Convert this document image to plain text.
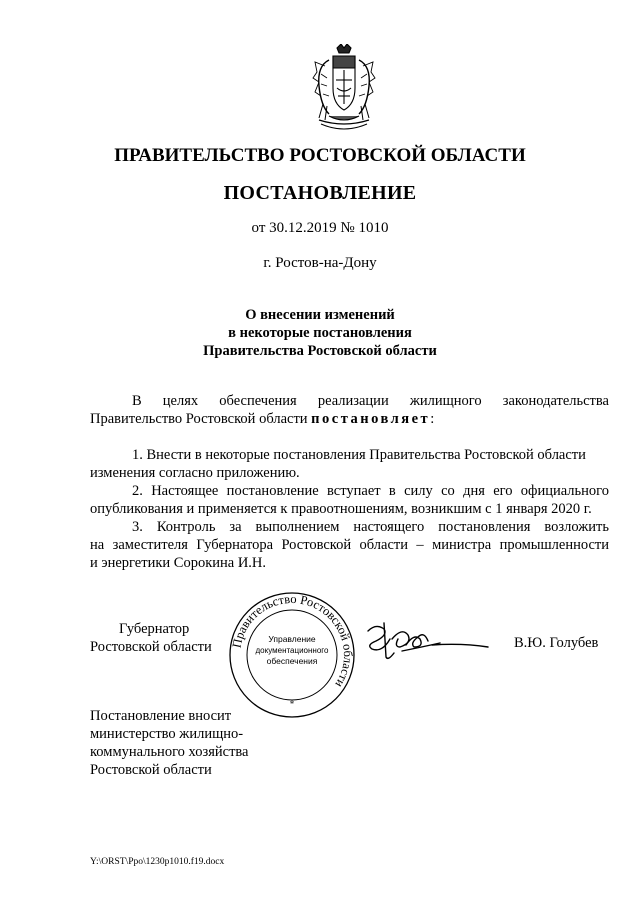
ПРАВИТЕЛЬСТВО РОСТОВСКОЙ ОБЛАСТИ
ПОСТАНОВЛЕНИЕ
от 30.12.2019 № 1010
г. Ростов-на-Дону
О внесении изменений
в некоторые постановления
Правительства Ростовской области
В целях обеспечения реализации жилищного законодательства
Правительство Ростовской области постановляет:
1. Внести в некоторые постановления Правительства Ростовской области
изменения согласно приложению.
2. Настоящее постановление вступает в силу со дня его официального
опубликования и применяется к правоотношениям, возникшим с 1 января 2020 г.
3. Контроль за выполнением настоящего постановления возложить
на заместителя Губернатора Ростовской области – министра промышленности
и энергетики Сорокина И.Н.
Губернатор
Ростовской области Правительство Ростовской области
Управление
документационного
обеспечения
*
В.Ю. Голубев
Постановление вносит
министерство жилищно-
коммунального хозяйства
Ростовской области
Y:\ORST\Ppo\1230p1010.f19.docx
